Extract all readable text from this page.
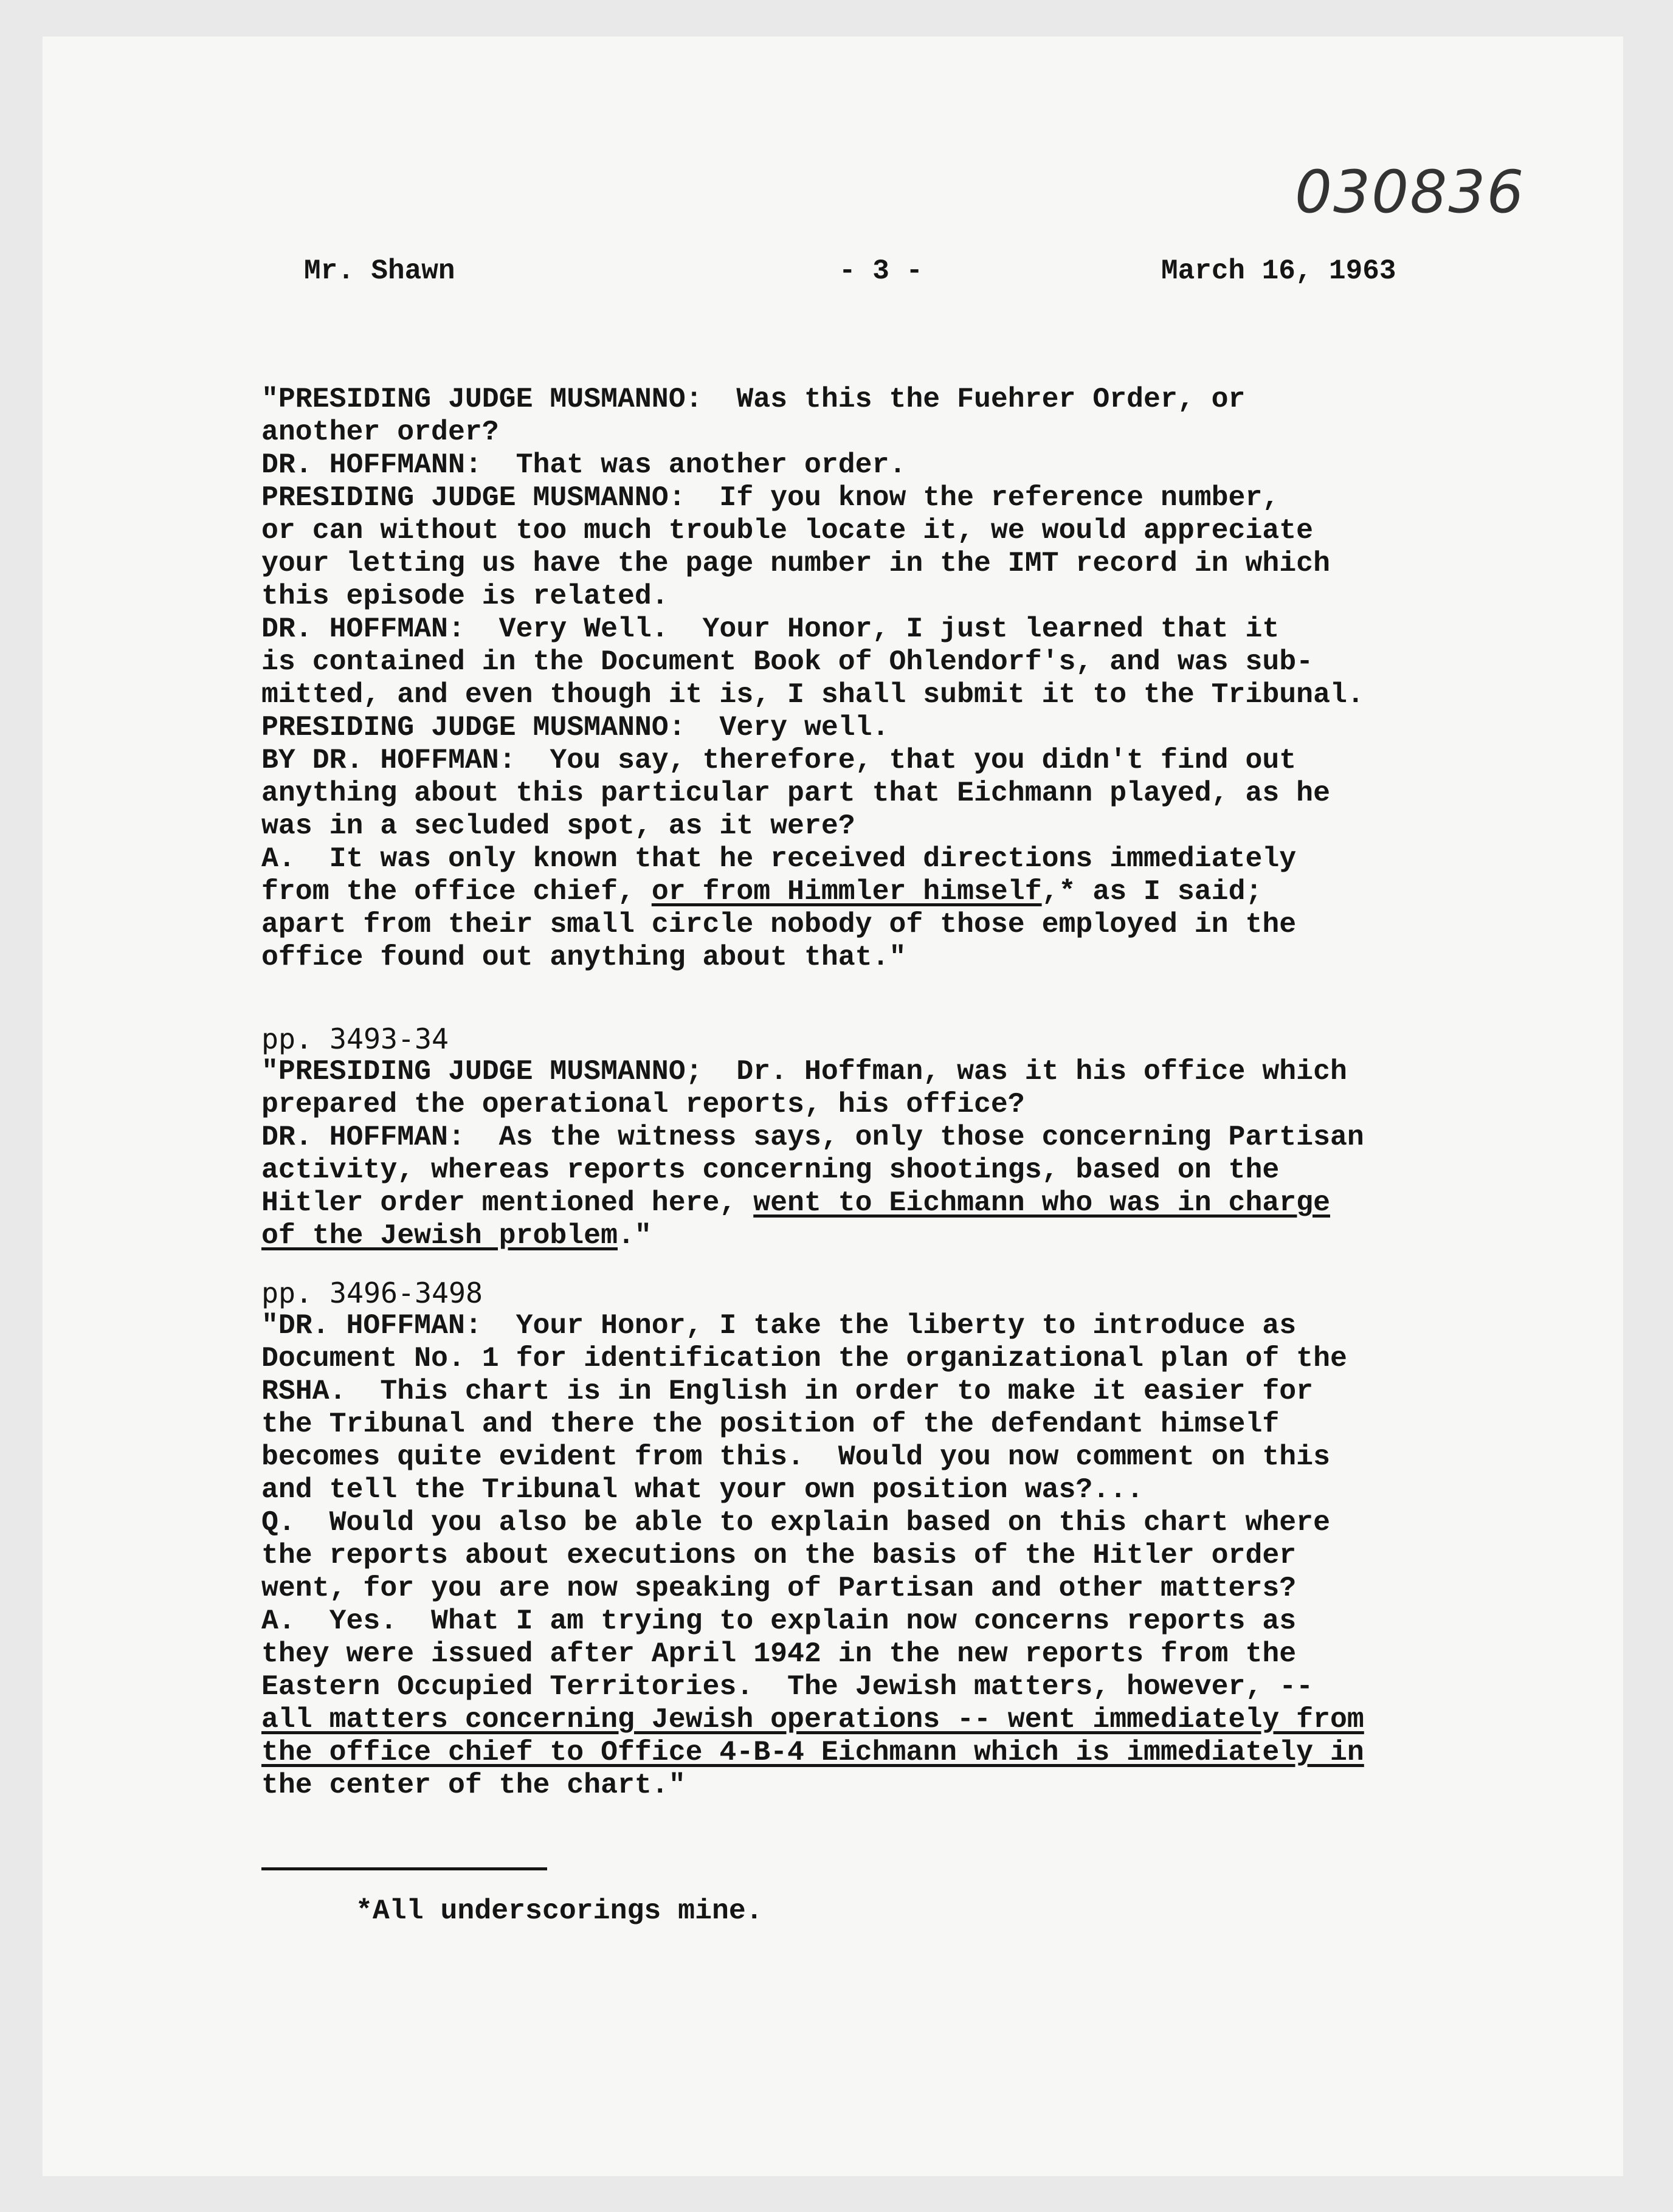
030836
Mr. Shawn	- 3 -	March 16, 1963
"PRESIDING JUDGE MUSMANNO:  Was this the Fuehrer Order, or
another order?
DR. HOFFMANN:  That was another order.
PRESIDING JUDGE MUSMANNO:  If you know the reference number,
or can without too much trouble locate it, we would appreciate
your letting us have the page number in the IMT record in which
this episode is related.
DR. HOFFMAN:  Very Well.  Your Honor, I just learned that it
is contained in the Document Book of Ohlendorf's, and was sub-
mitted, and even though it is, I shall submit it to the Tribunal.
PRESIDING JUDGE MUSMANNO:  Very well.
BY DR. HOFFMAN:  You say, therefore, that you didn't find out
anything about this particular part that Eichmann played, as he
was in a secluded spot, as it were?
A.  It was only known that he received directions immediately
from the office chief, or from Himmler himself,* as I said;
apart from their small circle nobody of those employed in the
office found out anything about that."
pp. 3493-34
"PRESIDING JUDGE MUSMANNO;  Dr. Hoffman, was it his office which
prepared the operational reports, his office?
DR. HOFFMAN:  As the witness says, only those concerning Partisan
activity, whereas reports concerning shootings, based on the
Hitler order mentioned here, went to Eichmann who was in charge
of the Jewish problem."
pp. 3496-3498
"DR. HOFFMAN:  Your Honor, I take the liberty to introduce as
Document No. 1 for identification the organizational plan of the
RSHA.  This chart is in English in order to make it easier for
the Tribunal and there the position of the defendant himself
becomes quite evident from this.  Would you now comment on this
and tell the Tribunal what your own position was?...
Q.  Would you also be able to explain based on this chart where
the reports about executions on the basis of the Hitler order
went, for you are now speaking of Partisan and other matters?
A.  Yes.  What I am trying to explain now concerns reports as
they were issued after April 1942 in the new reports from the
Eastern Occupied Territories.  The Jewish matters, however, --
all matters concerning Jewish operations -- went immediately from
the office chief to Office 4-B-4 Eichmann which is immediately in
the center of the chart."
*All underscorings mine.
